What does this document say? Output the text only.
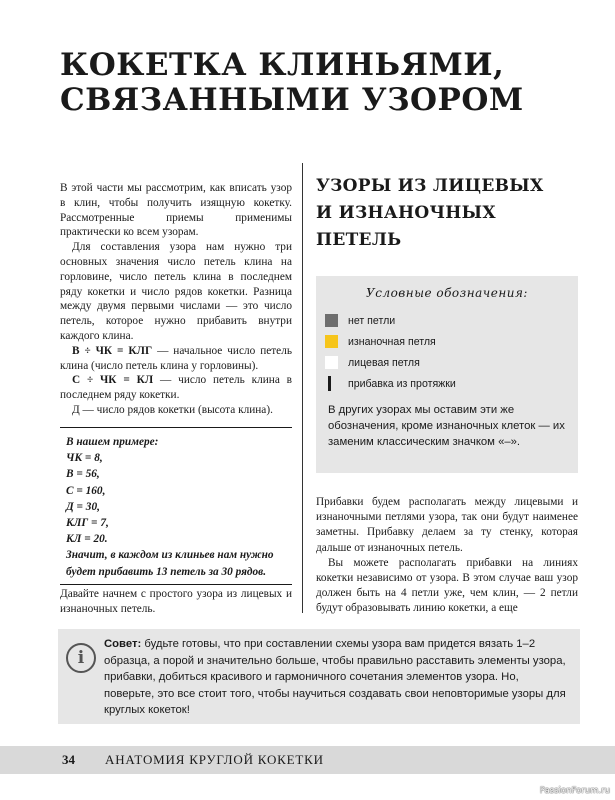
КОКЕТКА КЛИНЬЯМИ,
СВЯЗАННЫМИ УЗОРОМ

В этой части мы рассмотрим, как вписать узор в клин, чтобы получить изящную кокетку. Рассмотренные приемы применимы практически ко всем узорам.

Для составления узора нам нужно три основных значения число петель клина на горловине, число петель клина в последнем ряду кокетки и число рядов кокетки. Разница между двумя первыми числами — это число петель, которое нужно прибавить внутри каждого клина.

В ÷ ЧК = КЛГ — начальное число петель клина (число петель клина у горловины).

С ÷ ЧК = КЛ — число петель клина в последнем ряду кокетки.

Д — число рядов кокетки (высота клина).

В нашем примере:
ЧК = 8,
В = 56,
С = 160,
Д = 30,
КЛГ = 7,
КЛ = 20.
Значит, в каждом из клиньев нам нужно
будет прибавить 13 петель за 30 рядов.
Давайте начнем с простого узора из лицевых и изнаночных петель.
УЗОРЫ ИЗ ЛИЦЕВЫХ
И ИЗНАНОЧНЫХ
ПЕТЕЛЬ
Условные обозначения:
нет петли
изнаночная петля
лицевая петля
прибавка из протяжки
В других узорах мы оставим эти же обозначения, кроме изнаночных клеток — их заменим классическим значком «–».

Прибавки будем располагать между лицевыми и изнаночными петлями узора, так они будут наименее заметны. Прибавку делаем за ту стенку, которая дальше от изнаночных петель.

Вы можете располагать прибавки на линиях кокетки независимо от узора. В этом случае ваш узор должен быть на 4 петли уже, чем клин, — 2 петли будут образовывать линию кокетки, а еще

i
Совет: будьте готовы, что при составлении схемы узора вам придется вязать 1–2 образца, а порой и значительно больше, чтобы правильно расставить элементы узора, прибавки, добиться красивого и гармоничного сочетания элементов узора. Но, поверьте, это все стоит того, чтобы научиться создавать свои неповторимые узоры для круглых кокеток!
34 АНАТОМИЯ КРУГЛОЙ КОКЕТКИ
PassionForum.ru
